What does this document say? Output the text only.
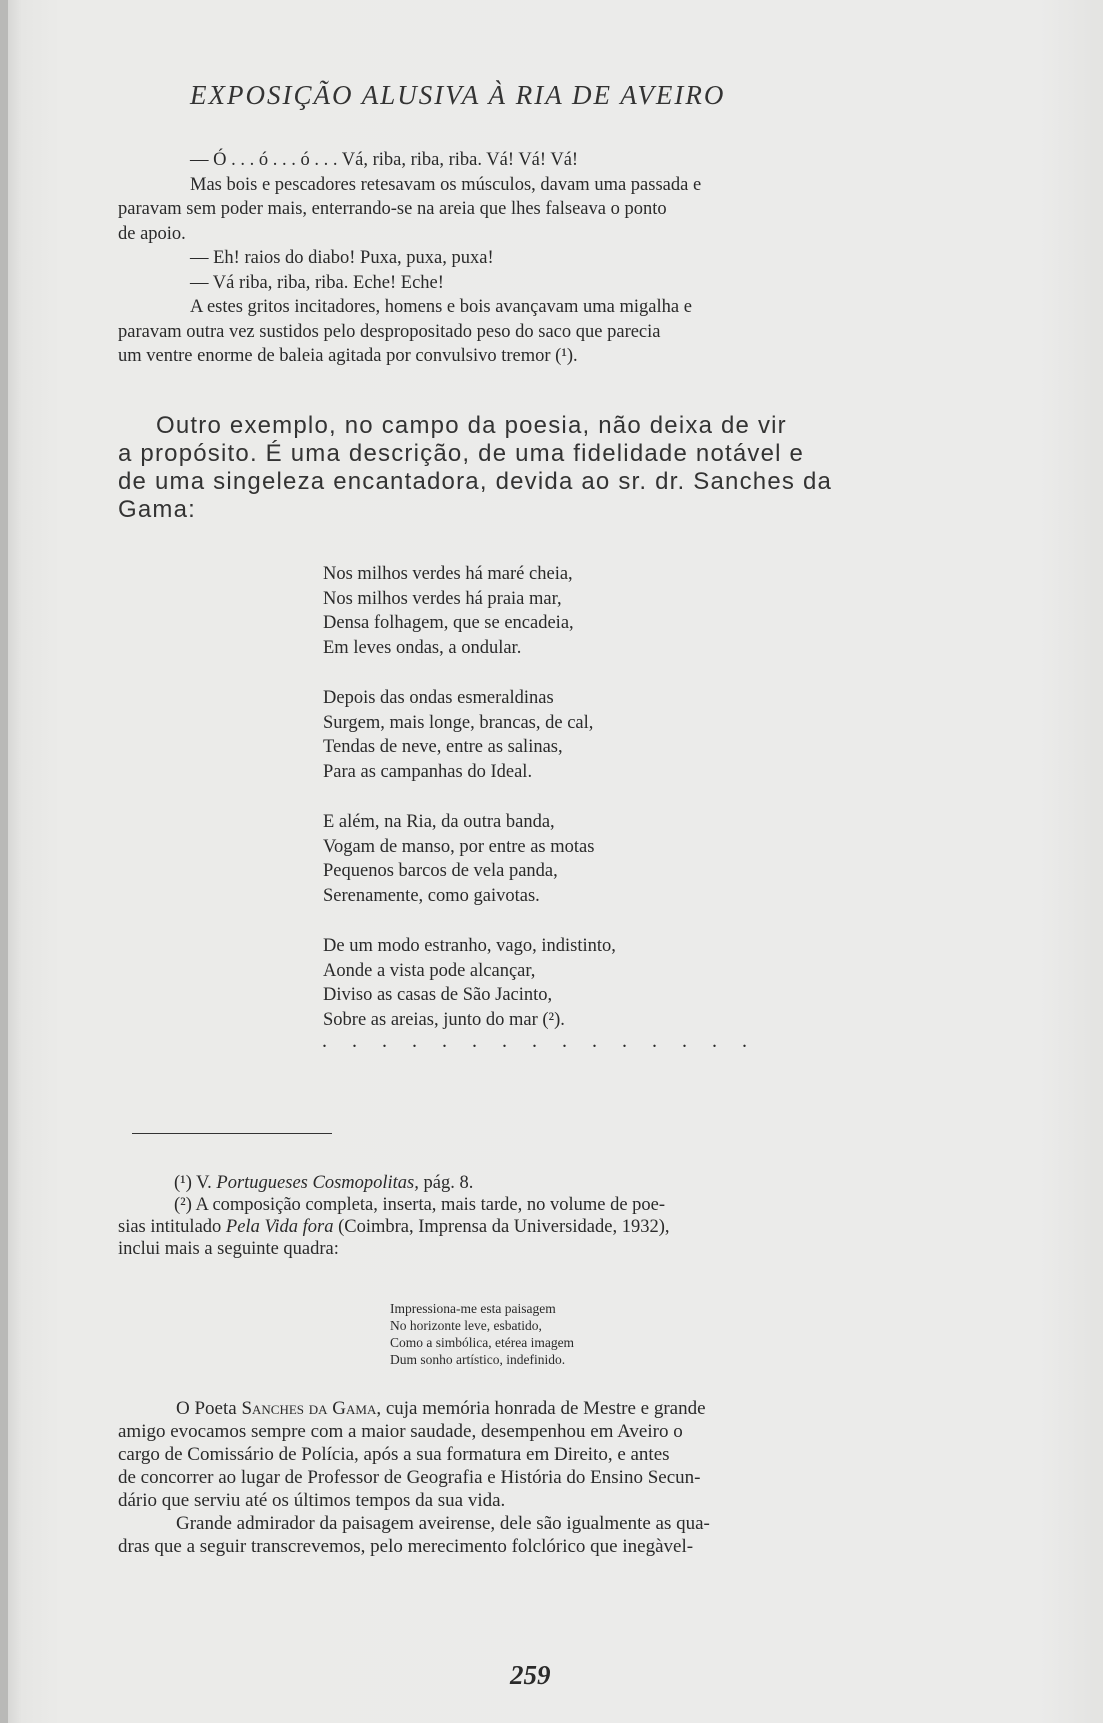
EXPOSIÇÃO ALUSIVA À RIA DE AVEIRO
— Ó . . . ó . . . ó . . . Vá, riba, riba, riba. Vá! Vá! Vá!
Mas bois e pescadores retesavam os músculos, davam uma passada e
paravam sem poder mais, enterrando-se na areia que lhes falseava o ponto
de apoio.
— Eh! raios do diabo! Puxa, puxa, puxa!
— Vá riba, riba, riba. Eche! Eche!
A estes gritos incitadores, homens e bois avançavam uma migalha e
paravam outra vez sustidos pelo despropositado peso do saco que parecia
um ventre enorme de baleia agitada por convulsivo tremor (¹).
Outro exemplo, no campo da poesia, não deixa de vir
a propósito. É uma descrição, de uma fidelidade notável e
de uma singeleza encantadora, devida ao sr. dr. Sanches da
Gama:
Nos milhos verdes há maré cheia,
Nos milhos verdes há praia mar,
Densa folhagem, que se encadeia,
Em leves ondas, a ondular.
Depois das ondas esmeraldinas
Surgem, mais longe, brancas, de cal,
Tendas de neve, entre as salinas,
Para as campanhas do Ideal.
E além, na Ria, da outra banda,
Vogam de manso, por entre as motas
Pequenos barcos de vela panda,
Serenamente, como gaivotas.
De um modo estranho, vago, indistinto,
Aonde a vista pode alcançar,
Diviso as casas de São Jacinto,
Sobre as areias, junto do mar (²).
. . . . . . . . . . . . . . .
(¹) V. Portugueses Cosmopolitas, pág. 8.
(²) A composição completa, inserta, mais tarde, no volume de poe-
sias intitulado Pela Vida fora (Coimbra, Imprensa da Universidade, 1932),
inclui mais a seguinte quadra:
Impressiona-me esta paisagem
No horizonte leve, esbatido,
Como a simbólica, etérea imagem
Dum sonho artístico, indefinido.
O Poeta Sanches da Gama, cuja memória honrada de Mestre e grande
amigo evocamos sempre com a maior saudade, desempenhou em Aveiro o
cargo de Comissário de Polícia, após a sua formatura em Direito, e antes
de concorrer ao lugar de Professor de Geografia e História do Ensino Secun-
dário que serviu até os últimos tempos da sua vida.
Grande admirador da paisagem aveirense, dele são igualmente as qua-
dras que a seguir transcrevemos, pelo merecimento folclórico que inegàvel-
259
